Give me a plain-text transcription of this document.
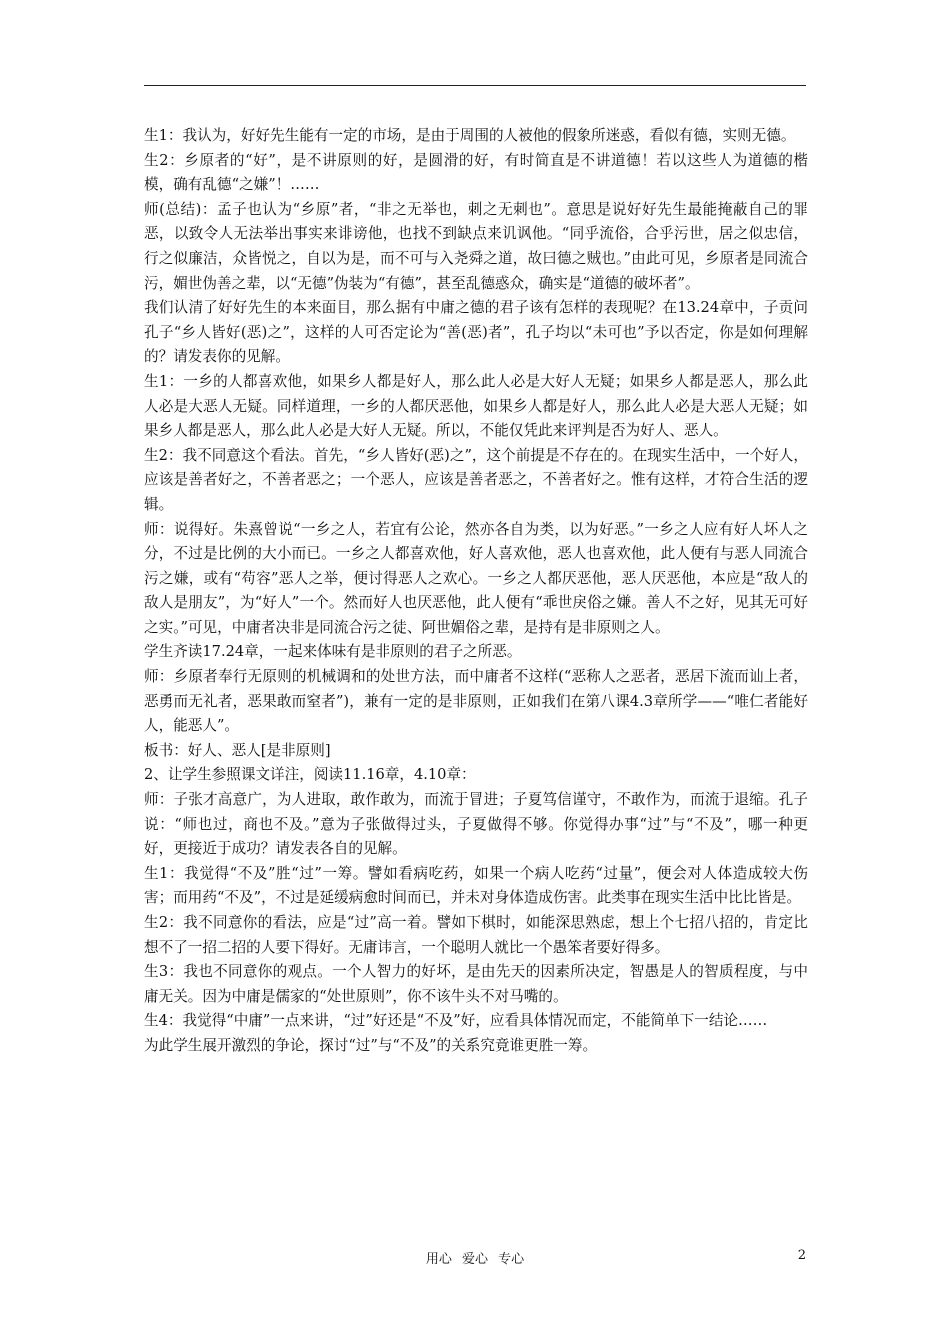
生1：我认为，好好先生能有一定的市场，是由于周围的人被他的假象所迷惑，看似有德，实则无德。

生2：乡原者的“好”，是不讲原则的好，是圆滑的好，有时简直是不讲道德！若以这些人为道德的楷模，确有乱德“之嫌”！……

师(总结)：孟子也认为“乡原”者，“非之无举也，刺之无刺也”。意思是说好好先生最能掩蔽自己的罪恶，以致令人无法举出事实来诽谤他，也找不到缺点来讥讽他。“同乎流俗，合乎污世，居之似忠信，行之似廉洁，众皆悦之，自以为是，而不可与入尧舜之道，故曰德之贼也。”由此可见，乡原者是同流合污，媚世伪善之辈，以“无德”伪装为“有德”，甚至乱德惑众，确实是“道德的破坏者”。

我们认清了好好先生的本来面目，那么据有中庸之德的君子该有怎样的表现呢？在13.24章中，子贡问孔子“乡人皆好(恶)之”，这样的人可否定论为“善(恶)者”，孔子均以“未可也”予以否定，你是如何理解的？请发表你的见解。

生1：一乡的人都喜欢他，如果乡人都是好人，那么此人必是大好人无疑；如果乡人都是恶人，那么此人必是大恶人无疑。同样道理，一乡的人都厌恶他，如果乡人都是好人，那么此人必是大恶人无疑；如果乡人都是恶人，那么此人必是大好人无疑。所以，不能仅凭此来评判是否为好人、恶人。

生2：我不同意这个看法。首先，“乡人皆好(恶)之”，这个前提是不存在的。在现实生活中，一个好人，应该是善者好之，不善者恶之；一个恶人，应该是善者恶之，不善者好之。惟有这样，才符合生活的逻辑。

师：说得好。朱熹曾说“一乡之人，若宜有公论，然亦各自为类，以为好恶。”一乡之人应有好人坏人之分，不过是比例的大小而已。一乡之人都喜欢他，好人喜欢他，恶人也喜欢他，此人便有与恶人同流合污之嫌，或有“苟容”恶人之举，便讨得恶人之欢心。一乡之人都厌恶他，恶人厌恶他，本应是“敌人的敌人是朋友”，为“好人”一个。然而好人也厌恶他，此人便有“乖世戾俗之嫌。善人不之好，见其无可好之实。”可见，中庸者决非是同流合污之徒、阿世媚俗之辈，是持有是非原则之人。

学生齐读17.24章，一起来体味有是非原则的君子之所恶。

师：乡原者奉行无原则的机械调和的处世方法，而中庸者不这样(“恶称人之恶者，恶居下流而讪上者，恶勇而无礼者，恶果敢而窒者”)，兼有一定的是非原则，正如我们在第八课4.3章所学——“唯仁者能好人，能恶人”。

板书：好人、恶人[是非原则]

2、让学生参照课文详注，阅读11.16章，4.10章：

师：子张才高意广，为人进取，敢作敢为，而流于冒进；子夏笃信谨守，不敢作为，而流于退缩。孔子说：“师也过，商也不及。”意为子张做得过头，子夏做得不够。你觉得办事“过”与“不及”，哪一种更好，更接近于成功？请发表各自的见解。

生1：我觉得“不及”胜“过”一筹。譬如看病吃药，如果一个病人吃药“过量”，便会对人体造成较大伤害；而用药“不及”，不过是延缓病愈时间而已，并未对身体造成伤害。此类事在现实生活中比比皆是。

生2：我不同意你的看法，应是“过”高一着。譬如下棋时，如能深思熟虑，想上个七招八招的，肯定比想不了一招二招的人要下得好。无庸讳言，一个聪明人就比一个愚笨者要好得多。

生3：我也不同意你的观点。一个人智力的好坏，是由先天的因素所决定，智愚是人的智质程度，与中庸无关。因为中庸是儒家的“处世原则”，你不该牛头不对马嘴的。

生4：我觉得“中庸”一点来讲，“过”好还是“不及”好，应看具体情况而定，不能简单下一结论……

为此学生展开激烈的争论，探讨“过”与“不及”的关系究竟谁更胜一筹。

用心 爱心 专心	2
